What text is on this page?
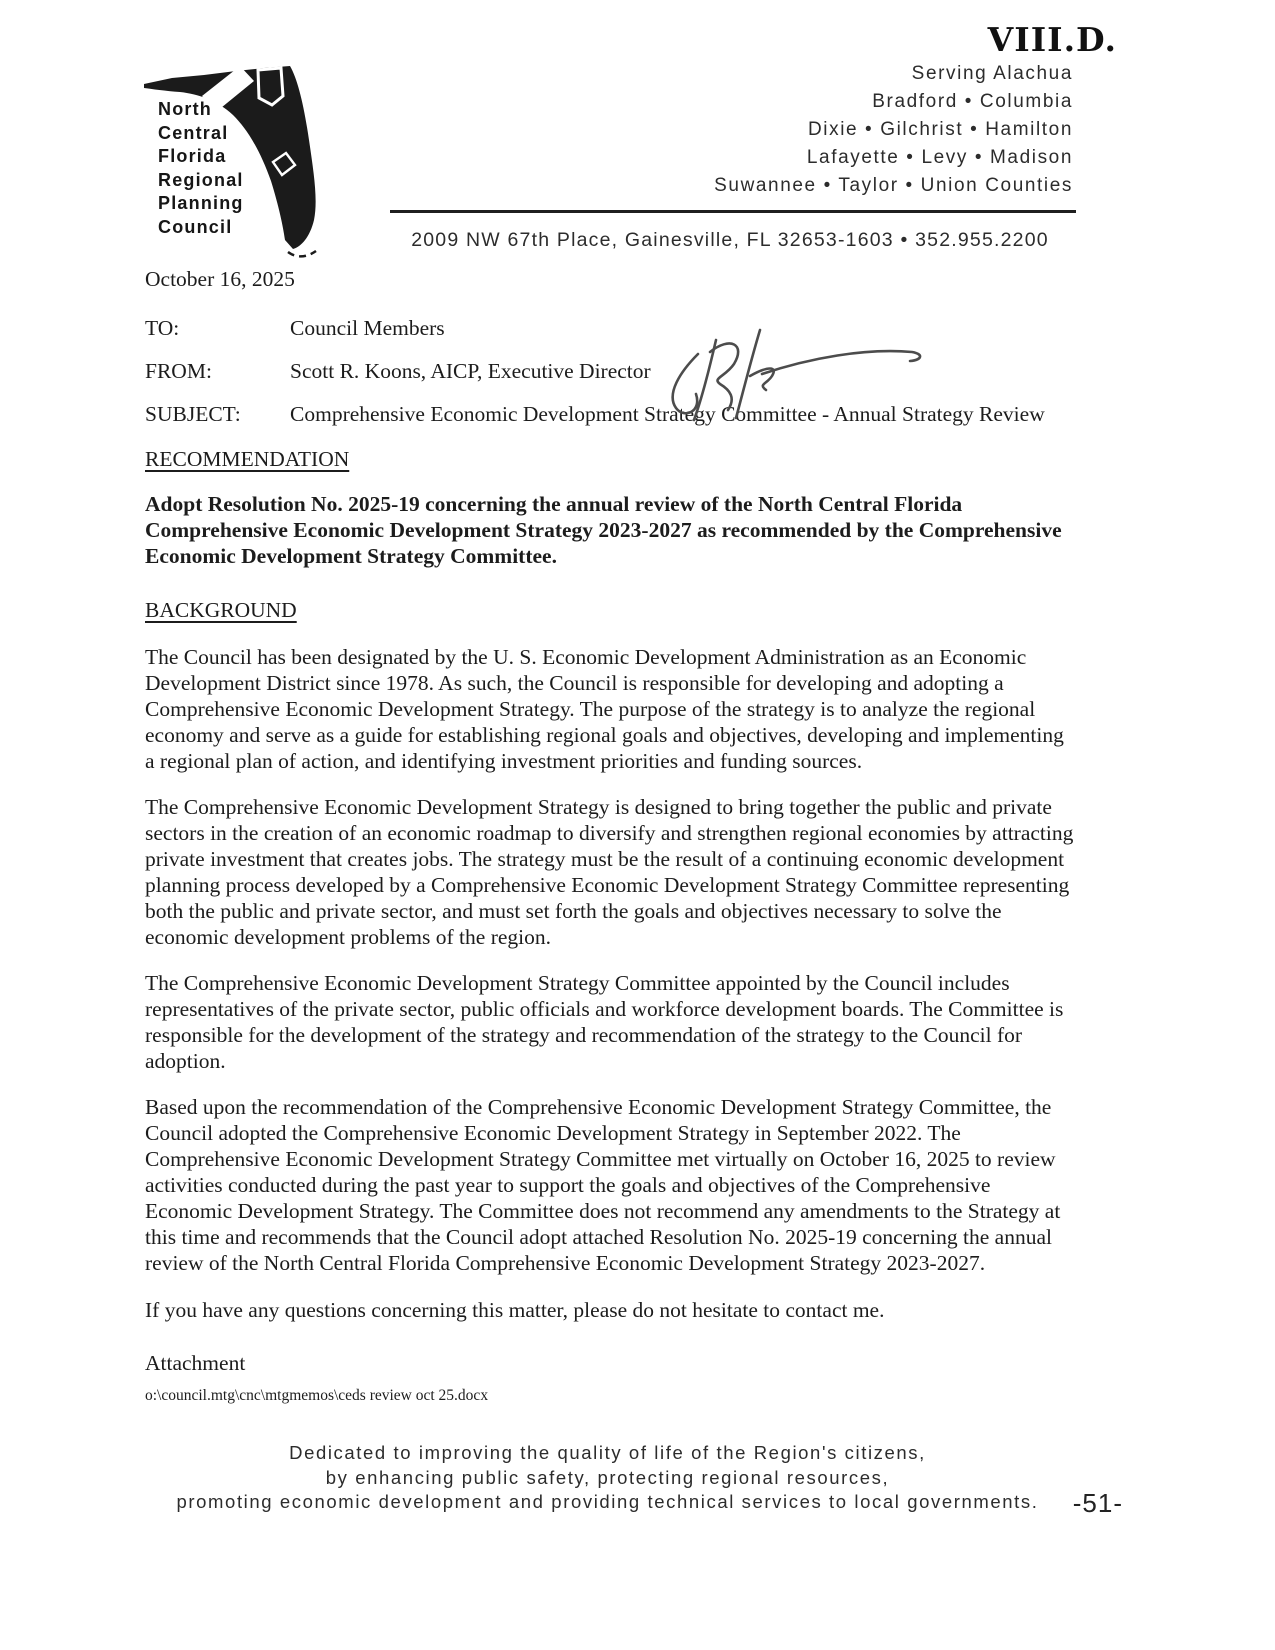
VIII.D.
North
Central
Florida
Regional
Planning
Council
Serving Alachua
Bradford • Columbia
Dixie • Gilchrist • Hamilton
Lafayette • Levy • Madison
Suwannee • Taylor • Union Counties
2009 NW 67th Place, Gainesville, FL 32653-1603 • 352.955.2200
October 16, 2025
TO:	Council Members
FROM:	Scott R. Koons, AICP, Executive Director
SUBJECT:	Comprehensive Economic Development Strategy Committee - Annual Strategy Review
RECOMMENDATION
Adopt Resolution No. 2025-19 concerning the annual review of the North Central Florida Comprehensive Economic Development Strategy 2023-2027 as recommended by the Comprehensive Economic Development Strategy Committee.
BACKGROUND

The Council has been designated by the U. S. Economic Development Administration as an Economic Development District since 1978. As such, the Council is responsible for developing and adopting a Comprehensive Economic Development Strategy. The purpose of the strategy is to analyze the regional economy and serve as a guide for establishing regional goals and objectives, developing and implementing a regional plan of action, and identifying investment priorities and funding sources.

The Comprehensive Economic Development Strategy is designed to bring together the public and private sectors in the creation of an economic roadmap to diversify and strengthen regional economies by attracting private investment that creates jobs. The strategy must be the result of a continuing economic development planning process developed by a Comprehensive Economic Development Strategy Committee representing both the public and private sector, and must set forth the goals and objectives necessary to solve the economic development problems of the region.

The Comprehensive Economic Development Strategy Committee appointed by the Council includes representatives of the private sector, public officials and workforce development boards. The Committee is responsible for the development of the strategy and recommendation of the strategy to the Council for adoption.

Based upon the recommendation of the Comprehensive Economic Development Strategy Committee, the Council adopted the Comprehensive Economic Development Strategy in September 2022. The Comprehensive Economic Development Strategy Committee met virtually on October 16, 2025 to review activities conducted during the past year to support the goals and objectives of the Comprehensive Economic Development Strategy. The Committee does not recommend any amendments to the Strategy at this time and recommends that the Council adopt attached Resolution No. 2025-19 concerning the annual review of the North Central Florida Comprehensive Economic Development Strategy 2023-2027.

If you have any questions concerning this matter, please do not hesitate to contact me.
Attachment
o:\council.mtg\cnc\mtgmemos\ceds review oct 25.docx
Dedicated to improving the quality of life of the Region's citizens,
by enhancing public safety, protecting regional resources,
promoting economic development and providing technical services to local governments.	-51-
